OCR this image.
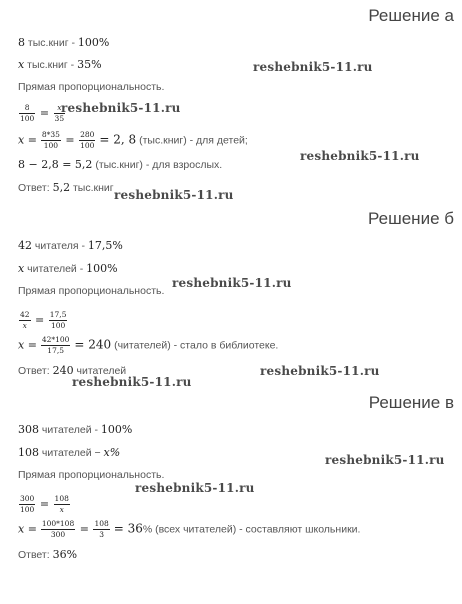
Решение а
8 тыс.книг - 100%
x тыс.книг - 35%
Прямая пропорциональность.
$\frac{8}{100} = \frac{x}{35}$
$x = \frac{8*35}{100} = \frac{280}{100} = 2$, 8 (тыс.книг) - для детей;
8 − 2,8 = 5,2 (тыс.книг) - для взрослых.
Ответ: 5,2 тыс.книг
Решение б
42 читателя - 17,5%
x читателей - 100%
Прямая пропорциональность.
$\frac{42}{x} = \frac{17,5}{100}$
$x = \frac{42*100}{17,5} = 240$ (читателей) - стало в библиотеке.
Ответ: 240 читателей
Решение в
308 читателей - 100%
108 читателей − x%
Прямая пропорциональность.
$\frac{300}{100} = \frac{108}{x}$
$x = \frac{100*108}{300} = \frac{108}{3} = 36\%$ (всех читателей) - составляют школьники.
Ответ: 36%
reshebnik5-11.ru
reshebnik5-11.ru
reshebnik5-11.ru
reshebnik5-11.ru
reshebnik5-11.ru
reshebnik5-11.ru
reshebnik5-11.ru
reshebnik5-11.ru
reshebnik5-11.ru
